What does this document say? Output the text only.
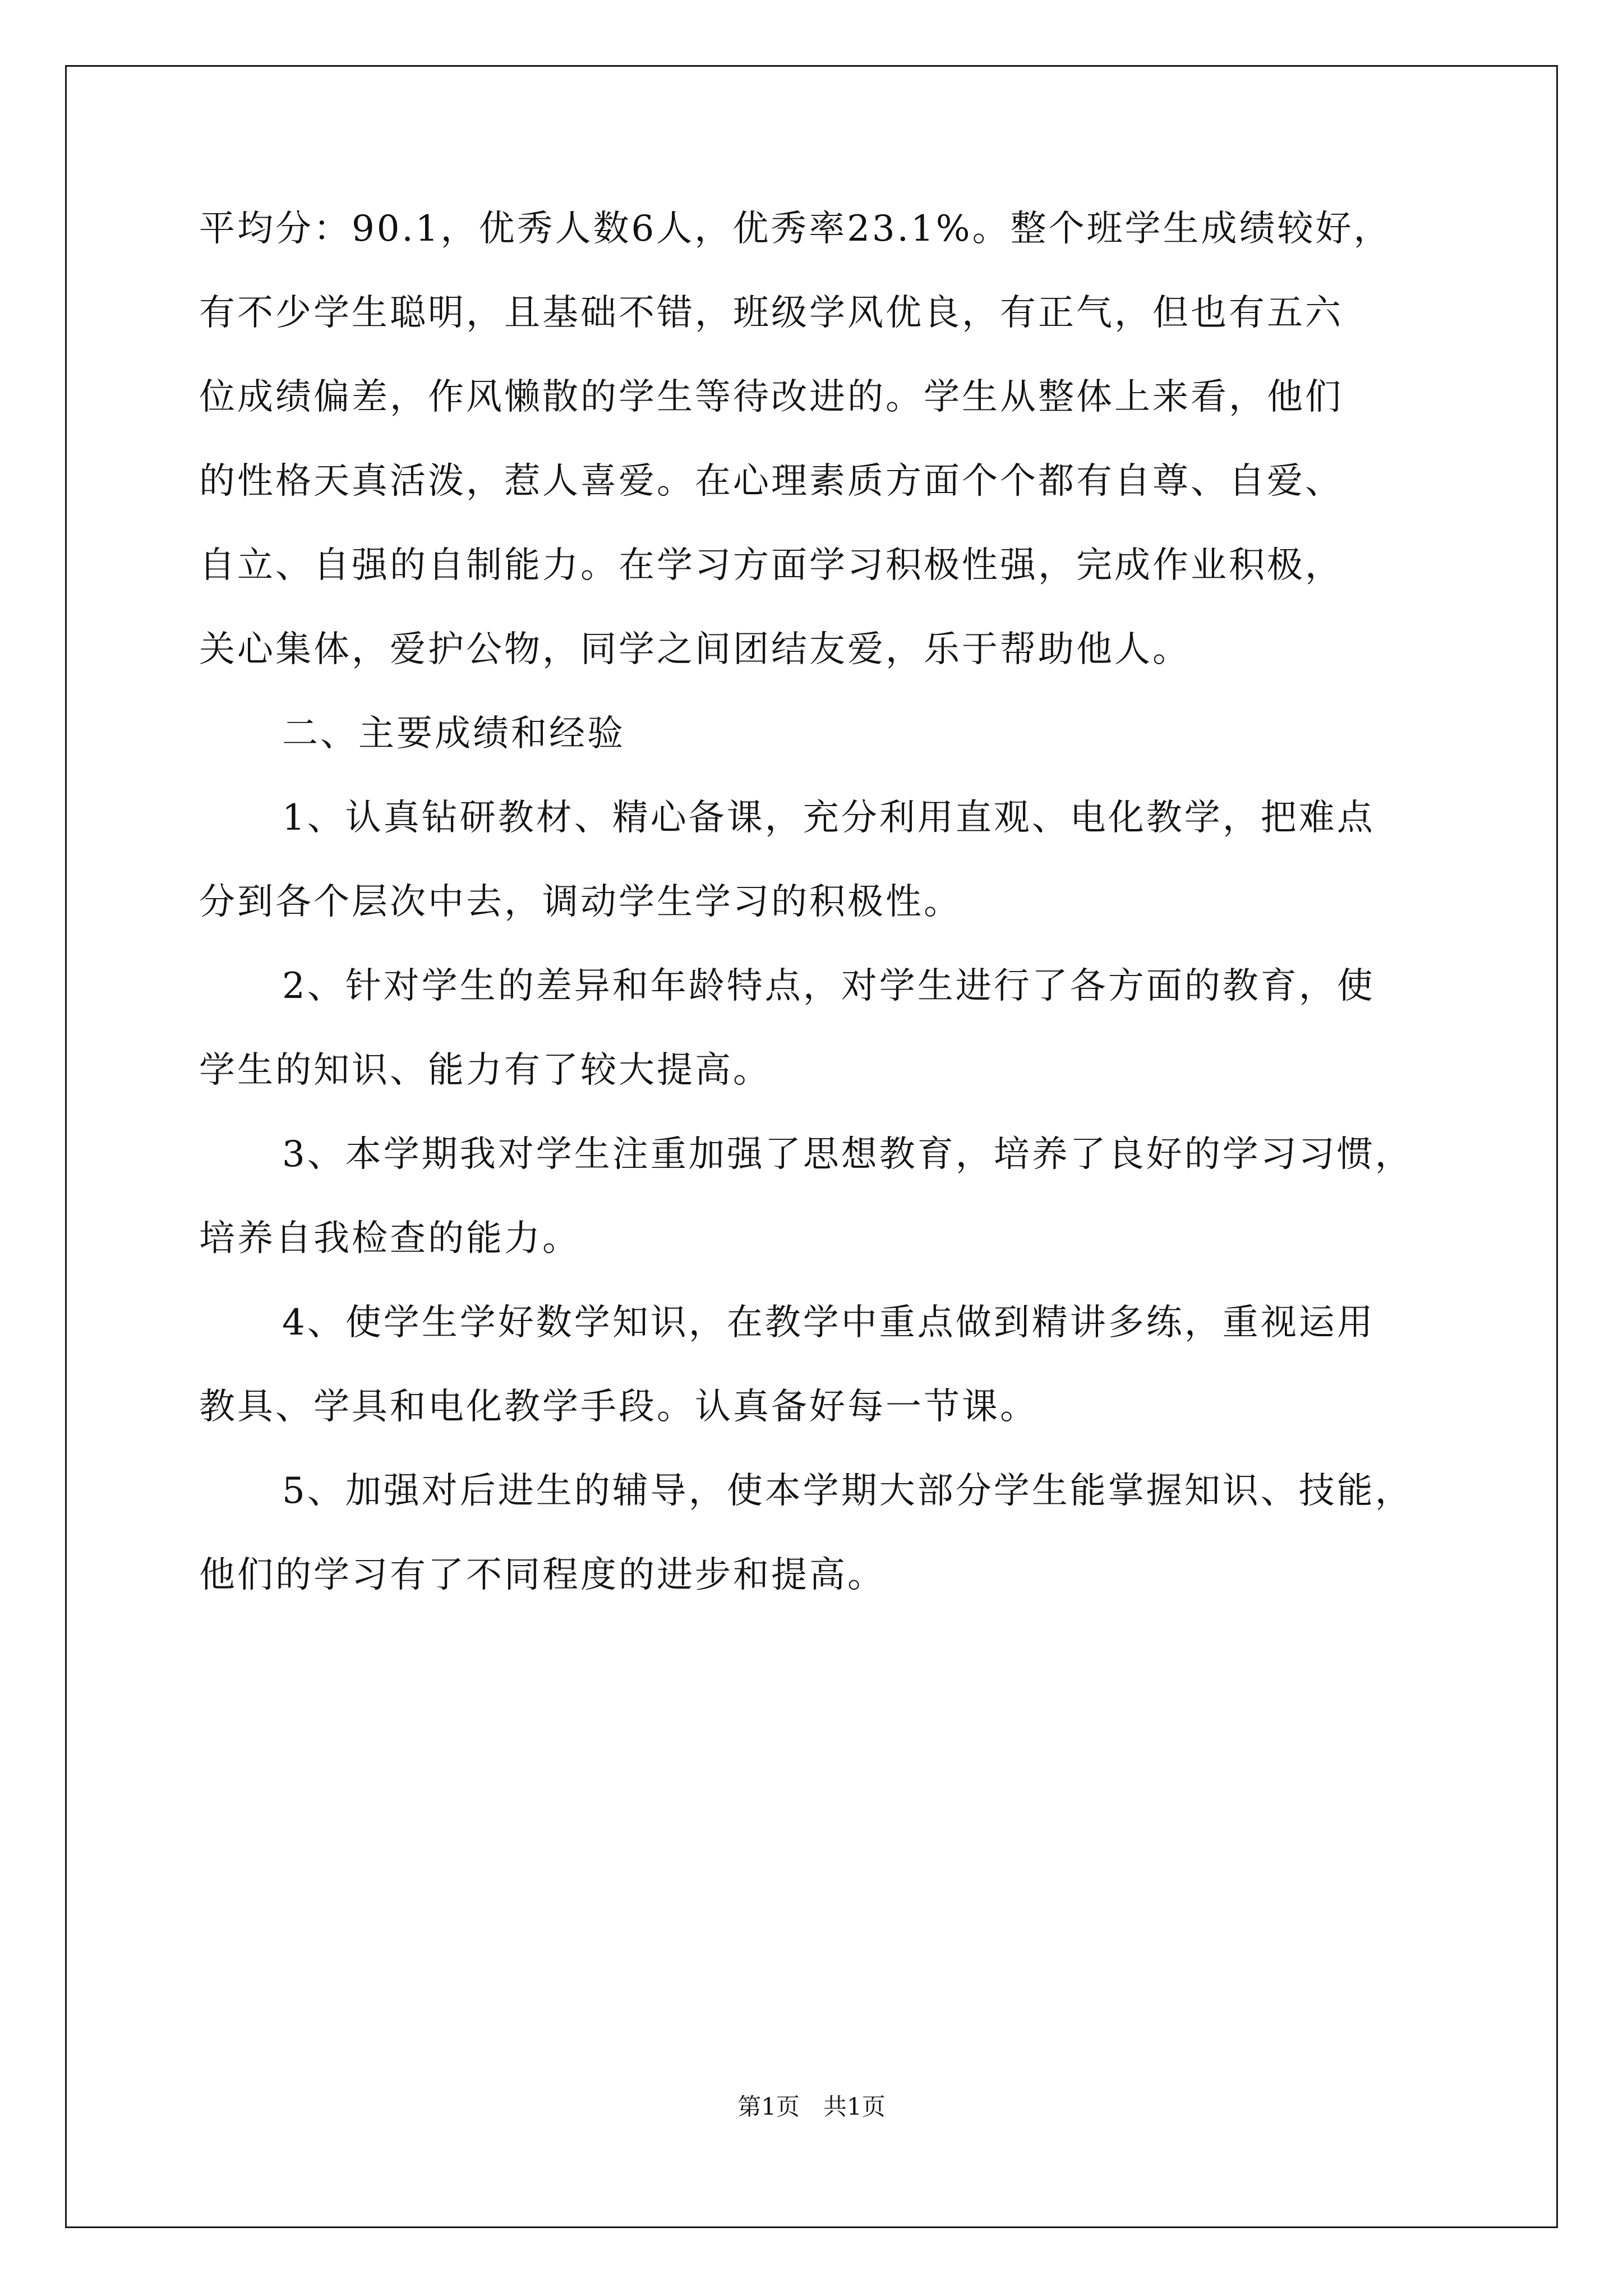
平均分：90.1，优秀人数6人，优秀率23.1%。整个班学生成绩较好，
有不少学生聪明，且基础不错，班级学风优良，有正气，但也有五六
位成绩偏差，作风懒散的学生等待改进的。学生从整体上来看，他们
的性格天真活泼，惹人喜爱。在心理素质方面个个都有自尊、自爱、
自立、自强的自制能力。在学习方面学习积极性强，完成作业积极，
关心集体，爱护公物，同学之间团结友爱，乐于帮助他人。
二、主要成绩和经验
1、认真钻研教材、精心备课，充分利用直观、电化教学，把难点
分到各个层次中去，调动学生学习的积极性。
2、针对学生的差异和年龄特点，对学生进行了各方面的教育，使
学生的知识、能力有了较大提高。
3、本学期我对学生注重加强了思想教育，培养了良好的学习习惯，
培养自我检查的能力。
4、使学生学好数学知识，在教学中重点做到精讲多练，重视运用
教具、学具和电化教学手段。认真备好每一节课。
5、加强对后进生的辅导，使本学期大部分学生能掌握知识、技能，
他们的学习有了不同程度的进步和提高。
第1页　共1页
